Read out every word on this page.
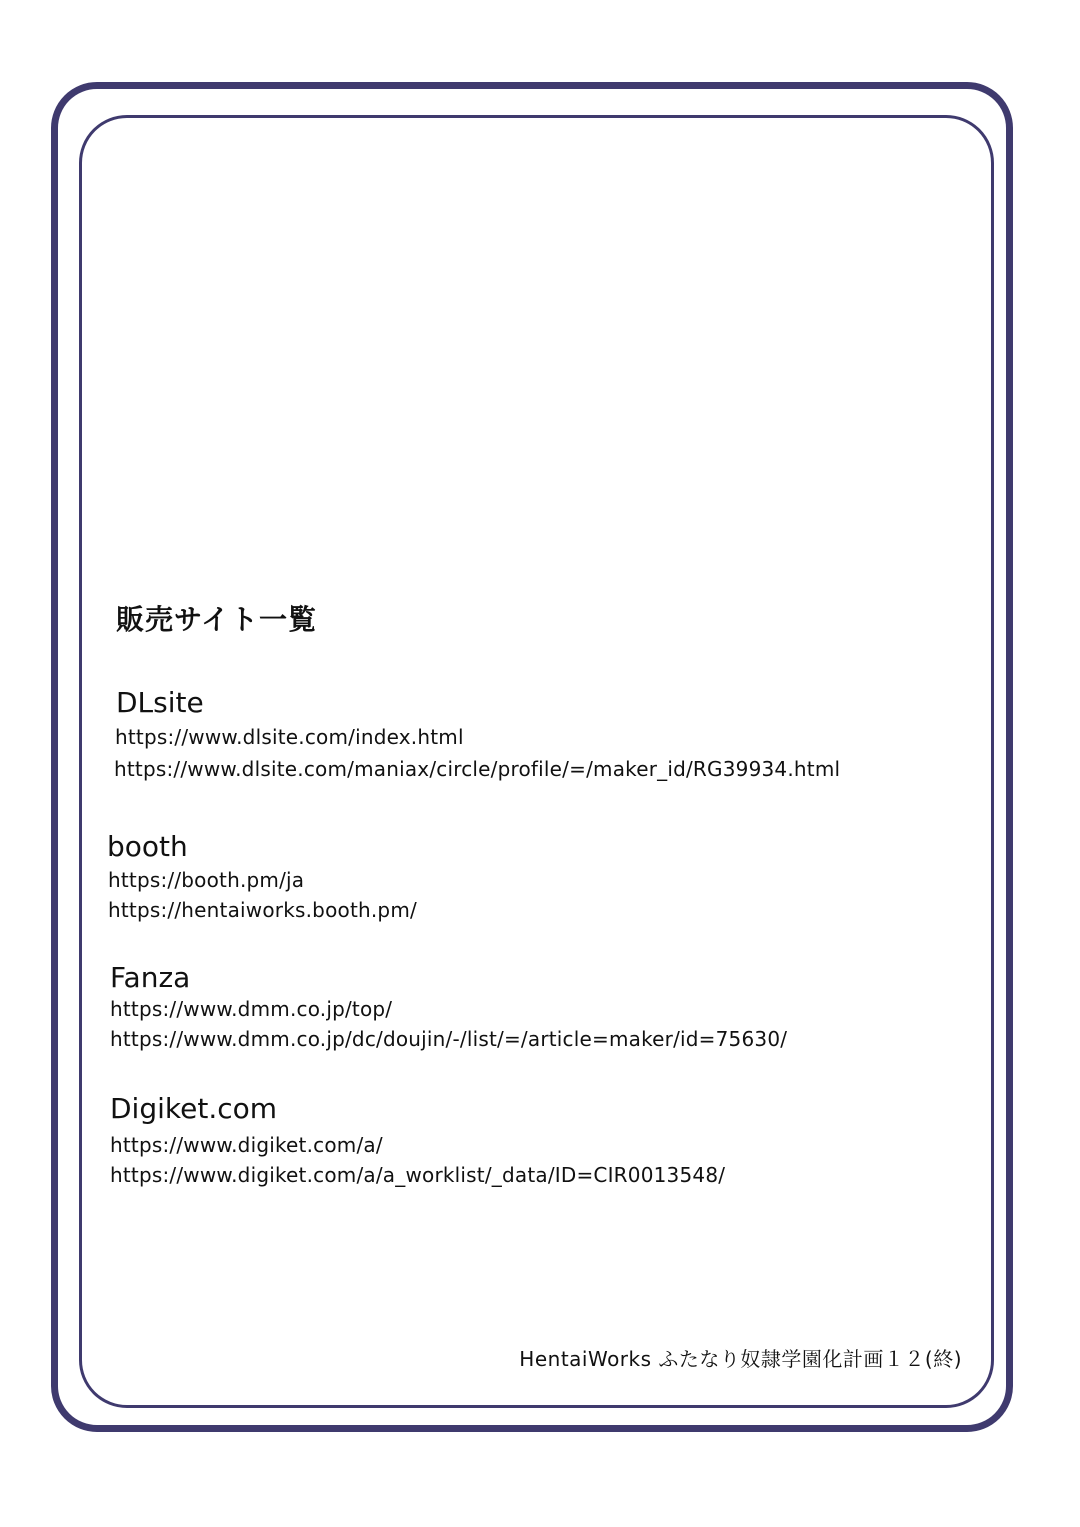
販売サイト一覧
DLsite
https://www.dlsite.com/index.html
https://www.dlsite.com/maniax/circle/profile/=/maker_id/RG39934.html
booth
https://booth.pm/ja
https://hentaiworks.booth.pm/
Fanza
https://www.dmm.co.jp/top/
https://www.dmm.co.jp/dc/doujin/-/list/=/article=maker/id=75630/
Digiket.com
https://www.digiket.com/a/
https://www.digiket.com/a/a_worklist/_data/ID=CIR0013548/
HentaiWorks ふたなり奴隷学園化計画１２(終)
